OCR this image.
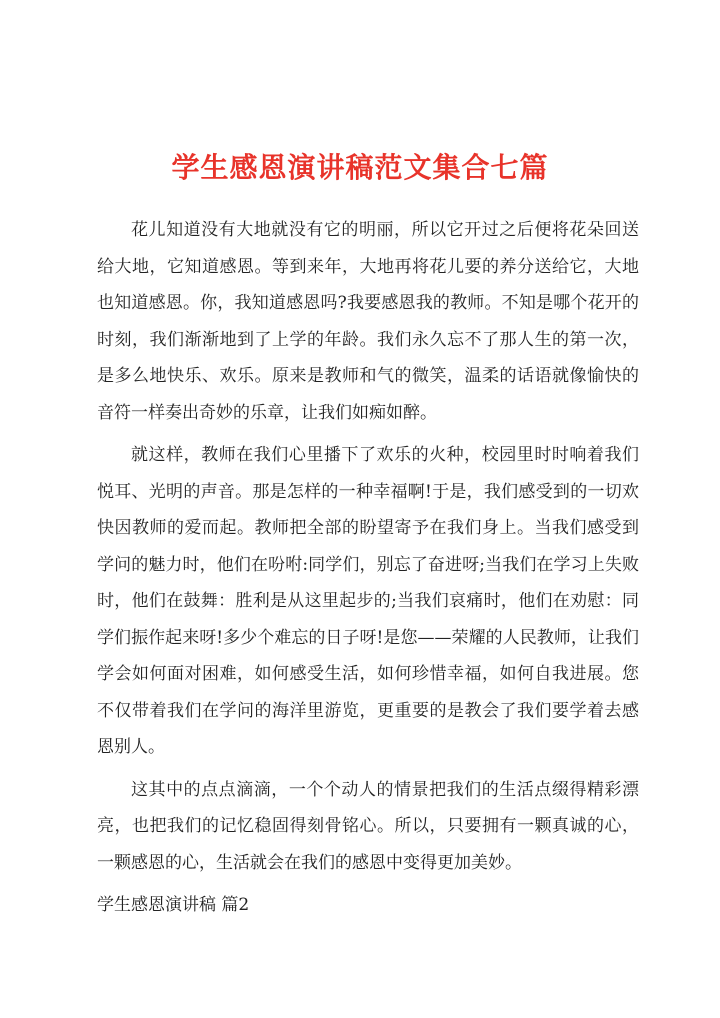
学生感恩演讲稿范文集合七篇

花儿知道没有大地就没有它的明丽，所以它开过之后便将花朵回送给大地，它知道感恩。等到来年，大地再将花儿要的养分送给它，大地也知道感恩。你，我知道感恩吗?我要感恩我的教师。不知是哪个花开的时刻，我们渐渐地到了上学的年龄。我们永久忘不了那人生的第一次，是多么地快乐、欢乐。原来是教师和气的微笑，温柔的话语就像愉快的音符一样奏出奇妙的乐章，让我们如痴如醉。

就这样，教师在我们心里播下了欢乐的火种，校园里时时响着我们悦耳、光明的声音。那是怎样的一种幸福啊!于是，我们感受到的一切欢快因教师的爱而起。教师把全部的盼望寄予在我们身上。当我们感受到学问的魅力时，他们在吩咐:同学们，别忘了奋进呀;当我们在学习上失败时，他们在鼓舞：胜利是从这里起步的;当我们哀痛时，他们在劝慰：同学们振作起来呀!多少个难忘的日子呀!是您——荣耀的人民教师，让我们学会如何面对困难，如何感受生活，如何珍惜幸福，如何自我进展。您不仅带着我们在学问的海洋里游览，更重要的是教会了我们要学着去感恩别人。

这其中的点点滴滴，一个个动人的情景把我们的生活点缀得精彩漂亮，也把我们的记忆稳固得刻骨铭心。所以，只要拥有一颗真诚的心，一颗感恩的心，生活就会在我们的感恩中变得更加美妙。

学生感恩演讲稿 篇2
